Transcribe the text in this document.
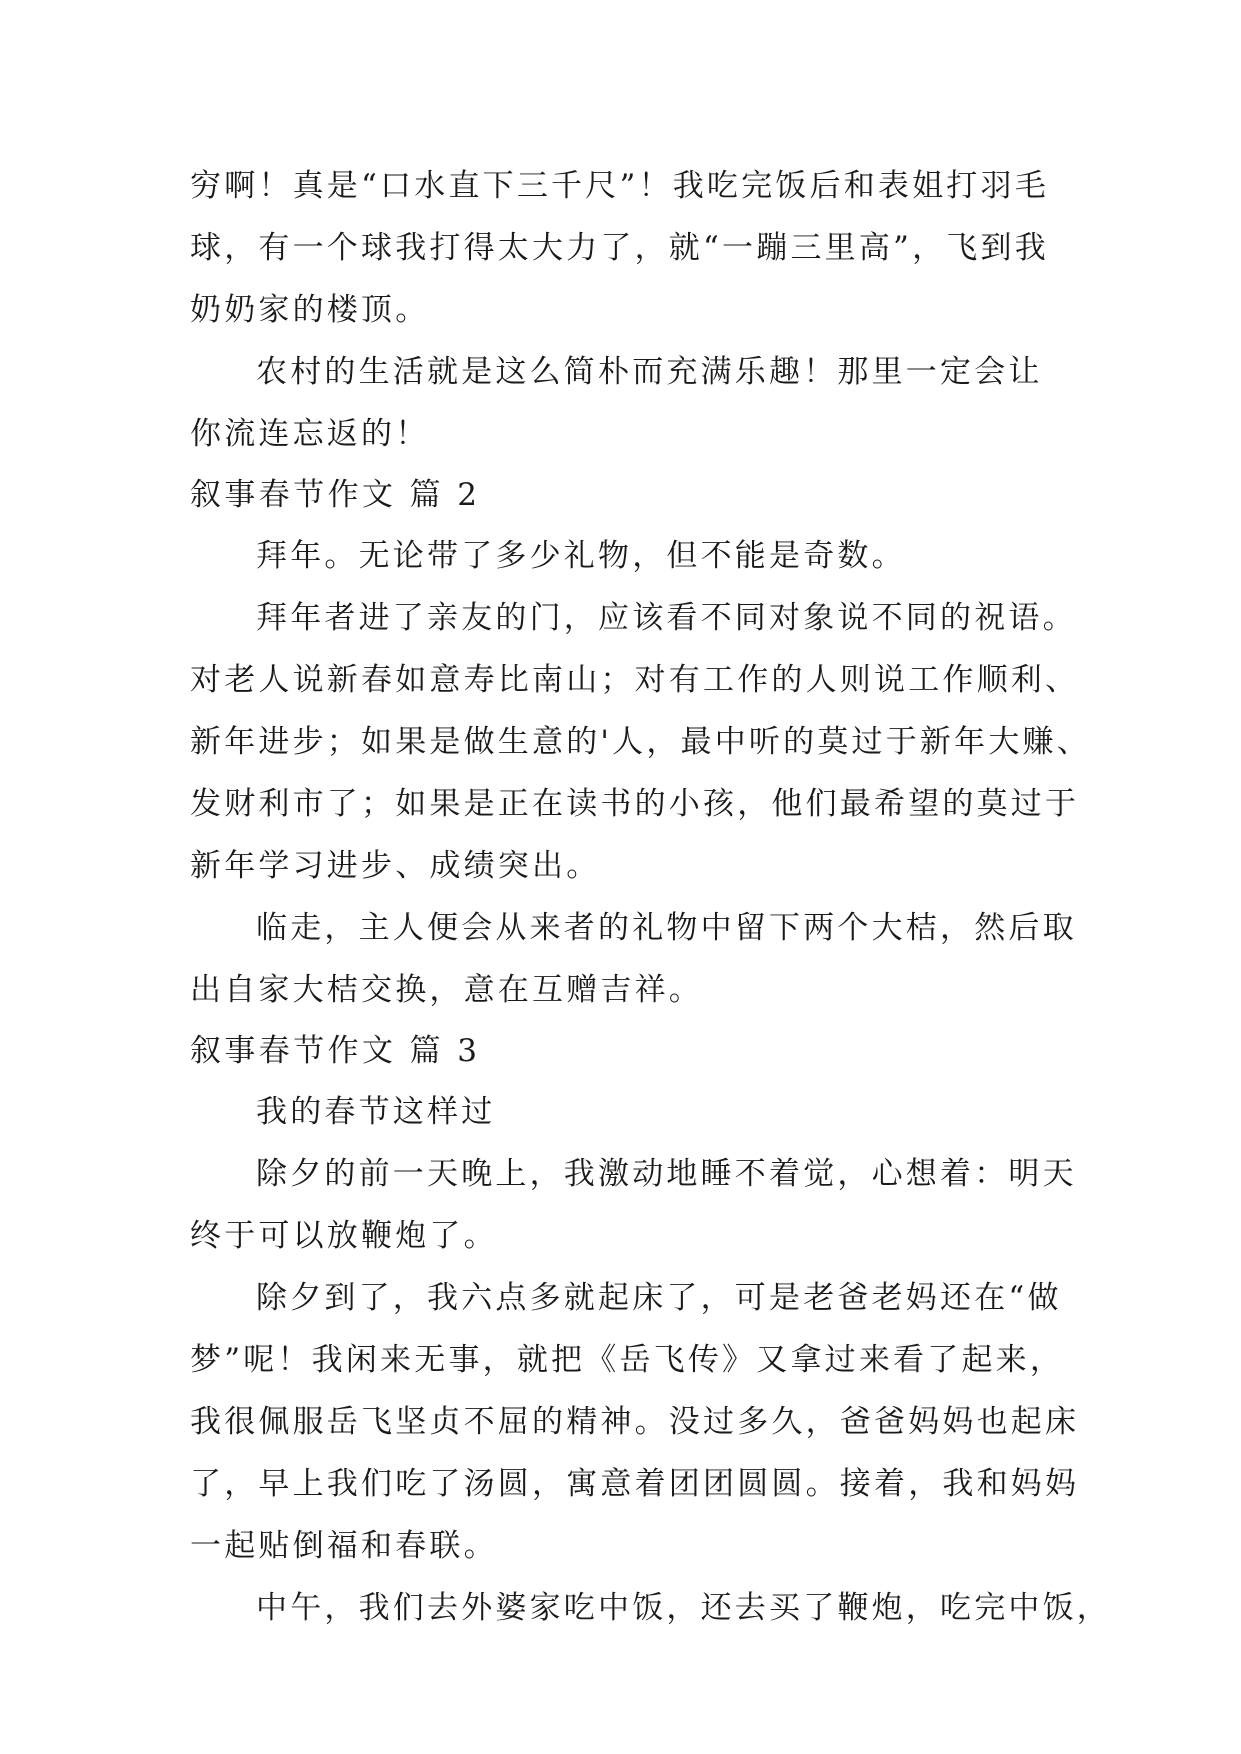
穷啊！真是“口水直下三千尺”！我吃完饭后和表姐打羽毛
球，有一个球我打得太大力了，就“一蹦三里高”，飞到我
奶奶家的楼顶。
农村的生活就是这么简朴而充满乐趣！那里一定会让
你流连忘返的！
叙事春节作文 篇 2
拜年。无论带了多少礼物，但不能是奇数。
拜年者进了亲友的门，应该看不同对象说不同的祝语。
对老人说新春如意寿比南山；对有工作的人则说工作顺利、
新年进步；如果是做生意的'人，最中听的莫过于新年大赚、
发财利市了；如果是正在读书的小孩，他们最希望的莫过于
新年学习进步、成绩突出。
临走，主人便会从来者的礼物中留下两个大桔，然后取
出自家大桔交换，意在互赠吉祥。
叙事春节作文 篇 3
我的春节这样过
除夕的前一天晚上，我激动地睡不着觉，心想着：明天
终于可以放鞭炮了。
除夕到了，我六点多就起床了，可是老爸老妈还在“做
梦”呢！我闲来无事，就把《岳飞传》又拿过来看了起来，
我很佩服岳飞坚贞不屈的精神。没过多久，爸爸妈妈也起床
了，早上我们吃了汤圆，寓意着团团圆圆。接着，我和妈妈
一起贴倒福和春联。
中午，我们去外婆家吃中饭，还去买了鞭炮，吃完中饭，
